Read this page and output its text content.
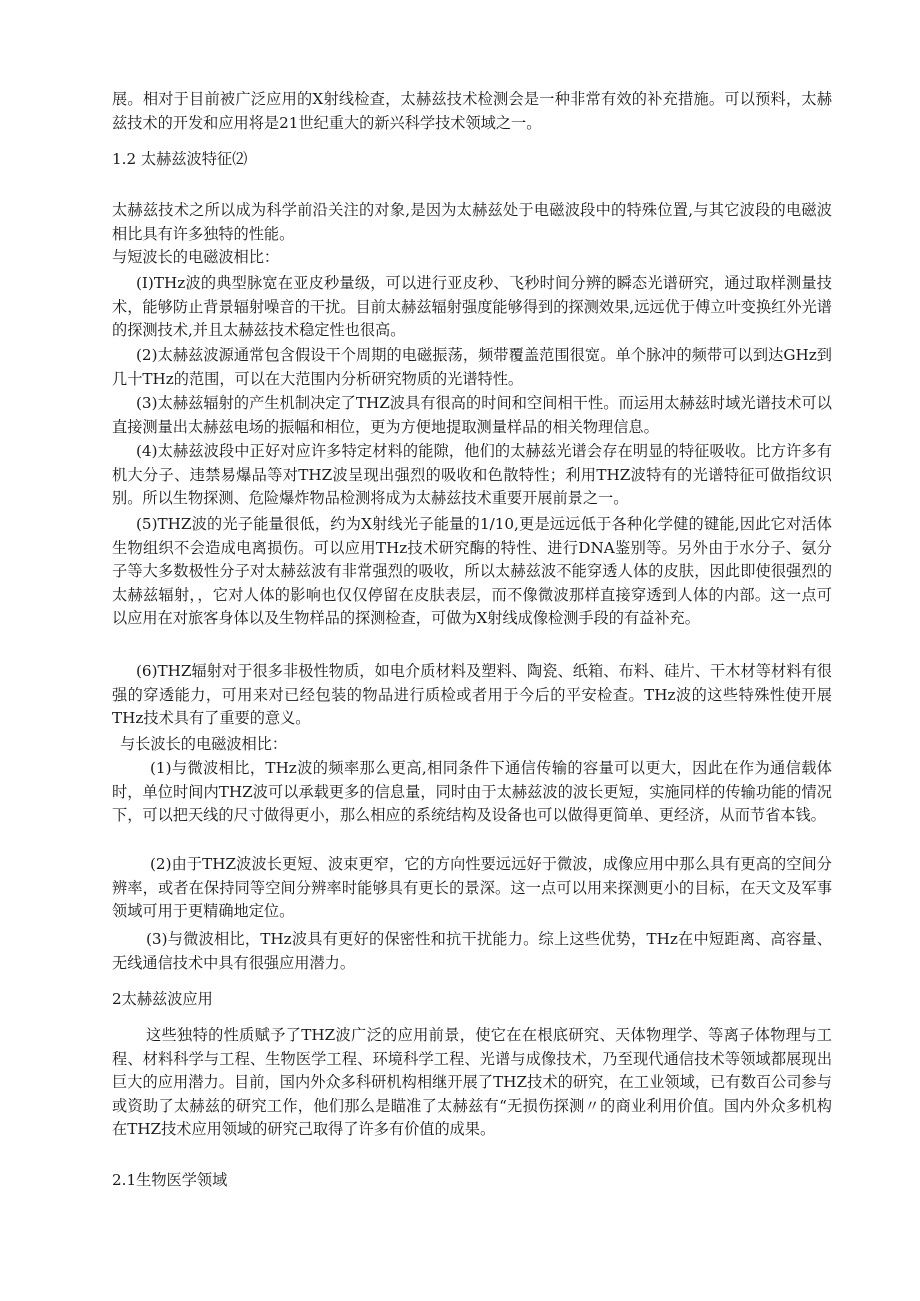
展。相对于目前被广泛应用的X射线检查，太赫兹技术检测会是一种非常有效的补充措施。可以预料，太赫兹技术的开发和应用将是21世纪重大的新兴科学技术领域之一。

1.2 太赫兹波特征⑵

太赫兹技术之所以成为科学前沿关注的对象,是因为太赫兹处于电磁波段中的特殊位置,与其它波段的电磁波相比具有许多独特的性能。

与短波长的电磁波相比：

(I)THz波的典型脉宽在亚皮秒量级，可以进行亚皮秒、飞秒时间分辨的瞬态光谱研究，通过取样测量技术，能够防止背景辐射噪音的干扰。目前太赫兹辐射强度能够得到的探测效果,远远优于傅立叶变换红外光谱的探测技术,并且太赫兹技术稳定性也很高。

(2)太赫兹波源通常包含假设干个周期的电磁振荡，频带覆盖范围很宽。单个脉冲的频带可以到达GHz到几十THz的范围，可以在大范围内分析研究物质的光谱特性。

(3)太赫兹辐射的产生机制决定了THZ波具有很高的时间和空间相干性。而运用太赫兹时域光谱技术可以直接测量出太赫兹电场的振幅和相位，更为方便地提取测量样品的相关物理信息。

(4)太赫兹波段中正好对应许多特定材料的能隙，他们的太赫兹光谱会存在明显的特征吸收。比方许多有机大分子、违禁易爆品等对THZ波呈现出强烈的吸收和色散特性；利用THZ波特有的光谱特征可做指纹识别。所以生物探测、危险爆炸物品检测将成为太赫兹技术重要开展前景之一。

(5)THZ波的光子能量很低，约为X射线光子能量的1/10,更是远远低于各种化学健的键能,因此它对活体生物组织不会造成电离损伤。可以应用THz技术研究酶的特性、进行DNA鉴别等。另外由于水分子、氨分子等大多数极性分子对太赫兹波有非常强烈的吸收，所以太赫兹波不能穿透人体的皮肤，因此即使很强烈的太赫兹辐射，，它对人体的影响也仅仅停留在皮肤表层，而不像微波那样直接穿透到人体的内部。这一点可以应用在对旅客身体以及生物样品的探测检查，可做为X射线成像检测手段的有益补充。

(6)THZ辐射对于很多非极性物质，如电介质材料及塑料、陶瓷、纸箱、布料、硅片、干木材等材料有很强的穿透能力，可用来对已经包装的物品进行质检或者用于今后的平安检查。THz波的这些特殊性使开展THz技术具有了重要的意义。

与长波长的电磁波相比：

(1)与微波相比，THz波的频率那么更高,相同条件下通信传输的容量可以更大，因此在作为通信载体时，单位时间内THZ波可以承载更多的信息量，同时由于太赫兹波的波长更短，实施同样的传输功能的情况下，可以把天线的尺寸做得更小，那么相应的系统结构及设备也可以做得更简单、更经济，从而节省本钱。

(2)由于THZ波波长更短、波束更窄，它的方向性要远远好于微波，成像应用中那么具有更高的空间分辨率，或者在保持同等空间分辨率时能够具有更长的景深。这一点可以用来探测更小的目标，在天文及军事领域可用于更精确地定位。

(3)与微波相比，THz波具有更好的保密性和抗干扰能力。综上这些优势，THz在中短距离、高容量、无线通信技术中具有很强应用潜力。

2太赫兹波应用

这些独特的性质赋予了THZ波广泛的应用前景，使它在在根底研究、天体物理学、等离子体物理与工程、材料科学与工程、生物医学工程、环境科学工程、光谱与成像技术，乃至现代通信技术等领域都展现出巨大的应用潜力。目前，国内外众多科研机构相继开展了THZ技术的研究，在工业领域，已有数百公司参与或资助了太赫兹的研究工作，他们那么是瞄准了太赫兹有“无损伤探测〃的商业利用价值。国内外众多机构在THZ技术应用领域的研究己取得了许多有价值的成果。

2.1生物医学领域
